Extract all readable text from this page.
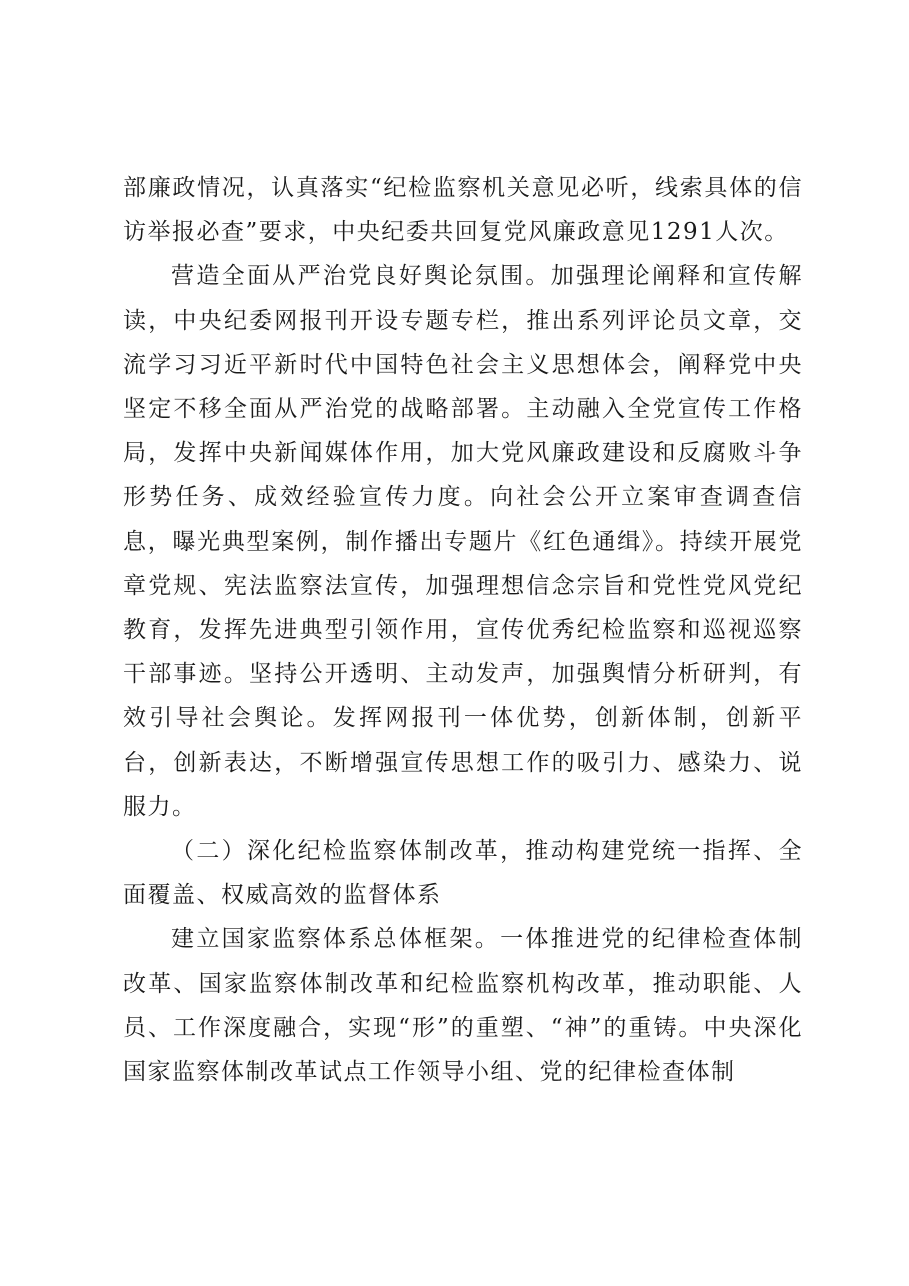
部廉政情况，认真落实“纪检监察机关意见必听，线索具体的信访举报必查”要求，中央纪委共回复党风廉政意见1291人次。

营造全面从严治党良好舆论氛围。加强理论阐释和宣传解读，中央纪委网报刊开设专题专栏，推出系列评论员文章，交流学习习近平新时代中国特色社会主义思想体会，阐释党中央坚定不移全面从严治党的战略部署。主动融入全党宣传工作格局，发挥中央新闻媒体作用，加大党风廉政建设和反腐败斗争形势任务、成效经验宣传力度。向社会公开立案审查调查信息，曝光典型案例，制作播出专题片《红色通缉》。持续开展党章党规、宪法监察法宣传，加强理想信念宗旨和党性党风党纪教育，发挥先进典型引领作用，宣传优秀纪检监察和巡视巡察干部事迹。坚持公开透明、主动发声，加强舆情分析研判，有效引导社会舆论。发挥网报刊一体优势，创新体制，创新平台，创新表达，不断增强宣传思想工作的吸引力、感染力、说服力。

（二）深化纪检监察体制改革，推动构建党统一指挥、全面覆盖、权威高效的监督体系

建立国家监察体系总体框架。一体推进党的纪律检查体制改革、国家监察体制改革和纪检监察机构改革，推动职能、人员、工作深度融合，实现“形”的重塑、“神”的重铸。中央深化国家监察体制改革试点工作领导小组、党的纪律检查体制
